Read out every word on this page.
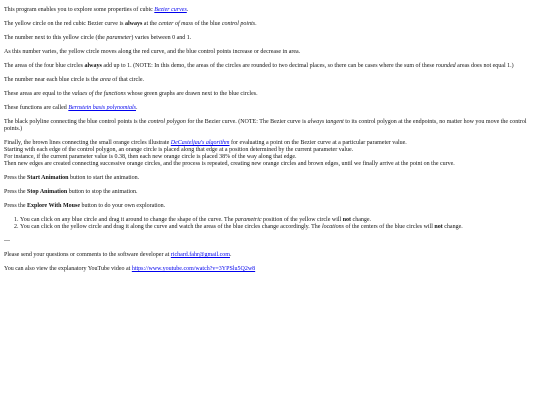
This program enables you to explore some properties of cubic Bezier curves.

The yellow circle on the red cubic Bezier curve is always at the center of mass of the blue control points.

The number next to this yellow circle (the parameter) varies between 0 and 1.

As this number varies, the yellow circle moves along the red curve, and the blue control points increase or decrease in area.

The areas of the four blue circles always add up to 1. (NOTE: In this demo, the areas of the circles are rounded to two decimal places, so there can be cases where the sum of these rounded areas does not equal 1.)

The number near each blue circle is the area of that circle.

These areas are equal to the values of the functions whose green graphs are drawn next to the blue circles.

These functions are called Bernstein basis polynomials.

The black polyline connecting the blue control points is the control polygon for the Bezier curve. (NOTE: The Bezier curve is always tangent to its control polygon at the endpoints, no matter how you move the control points.)

Finally, the brown lines connecting the small orange circles illustrate DeCasteljau's algorithm for evaluating a point on the Bezier curve at a particular parameter value.
Starting with each edge of the control polygon, an orange circle is placed along that edge at a position determined by the current parameter value.
For instance, if the current parameter value is 0.38, then each new orange circle is placed 38% of the way along that edge.
Then new edges are created connecting successive orange circles, and the process is repeated, creating new orange circles and brown edges, until we finally arrive at the point on the curve.

Press the Start Animation button to start the animation.

Press the Stop Animation button to stop the animation.

Press the Explore With Mouse button to do your own exploration.

1. You can click on any blue circle and drag it around to change the shape of the curve. The parametric position of the yellow circle will not change.
2. You can click on the yellow circle and drag it along the curve and watch the areas of the blue circles change accordingly. The locations of the centers of the blue circles will not change.

---

Please send your questions or comments to the software developer at richard.fahr@gmail.com.

You can also view the explanatory YouTube video at https://www.youtube.com/watch?v=3YPSlu5Q2w8
